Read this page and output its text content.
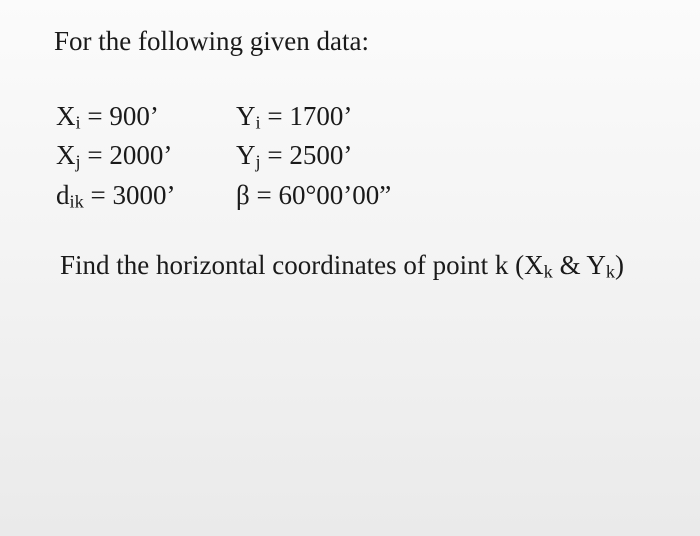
For the following given data:
Xi = 900’	Yi = 1700’
Xj = 2000’	Yj = 2500’
dik = 3000’	β = 60°00’00”
Find the horizontal coordinates of point k (Xk & Yk)
